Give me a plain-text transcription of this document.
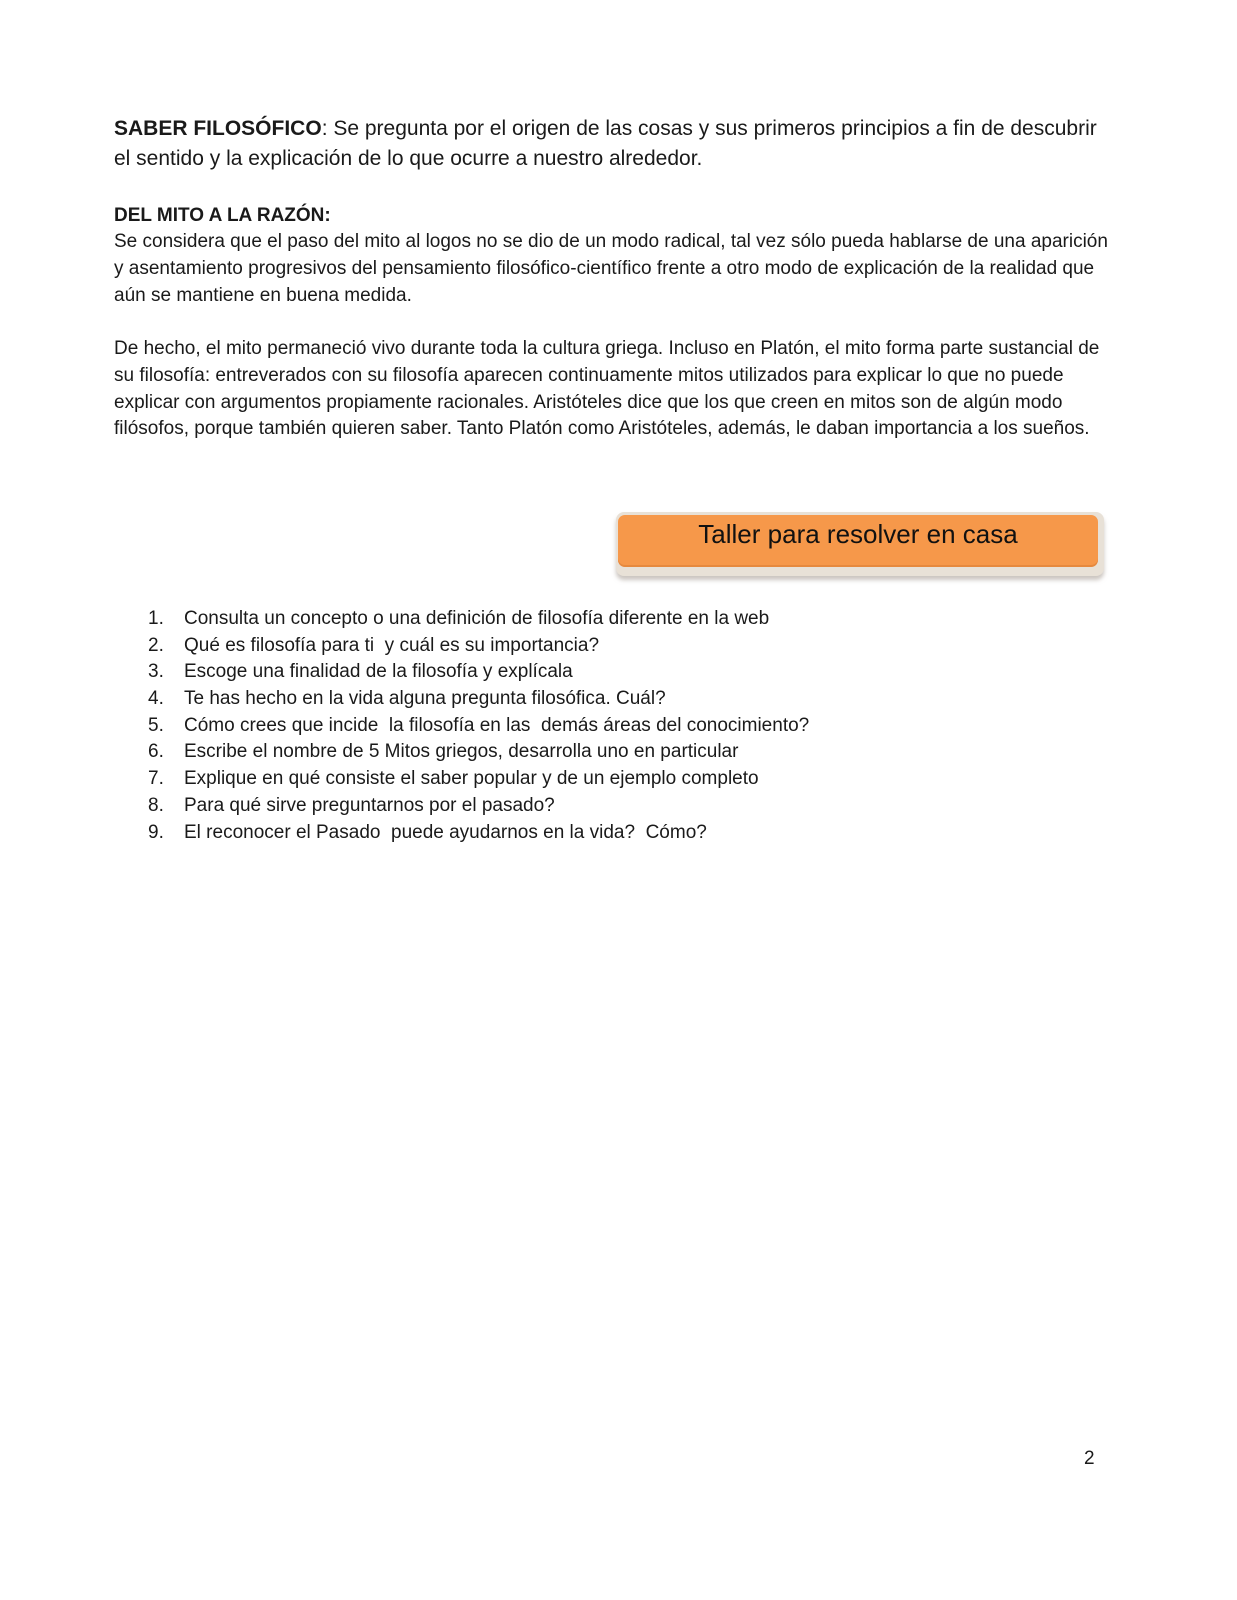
SABER FILOSÓFICO: Se pregunta por el origen de las cosas y sus primeros principios a fin de descubrir el sentido y la explicación de lo que ocurre a nuestro alrededor.
DEL MITO A LA RAZÓN:
Se considera que el paso del mito al logos no se dio de un modo radical, tal vez sólo pueda hablarse de una aparición y asentamiento progresivos del pensamiento filosófico-científico frente a otro modo de explicación de la realidad que aún se mantiene en buena medida.
De hecho, el mito permaneció vivo durante toda la cultura griega. Incluso en Platón, el mito forma parte sustancial de su filosofía: entreverados con su filosofía aparecen continuamente mitos utilizados para explicar lo que no puede explicar con argumentos propiamente racionales. Aristóteles dice que los que creen en mitos son de algún modo filósofos, porque también quieren saber. Tanto Platón como Aristóteles, además, le daban importancia a los sueños.
Taller para resolver en casa
1.	Consulta un concepto o una definición de filosofía diferente en la web
2.	Qué es filosofía para ti  y cuál es su importancia?
3.	Escoge una finalidad de la filosofía y explícala
4.	Te has hecho en la vida alguna pregunta filosófica. Cuál?
5.	Cómo crees que incide  la filosofía en las  demás áreas del conocimiento?
6.	Escribe el nombre de 5 Mitos griegos, desarrolla uno en particular
7.	Explique en qué consiste el saber popular y de un ejemplo completo
8.	Para qué sirve preguntarnos por el pasado?
9.	El reconocer el Pasado  puede ayudarnos en la vida?  Cómo?
2
